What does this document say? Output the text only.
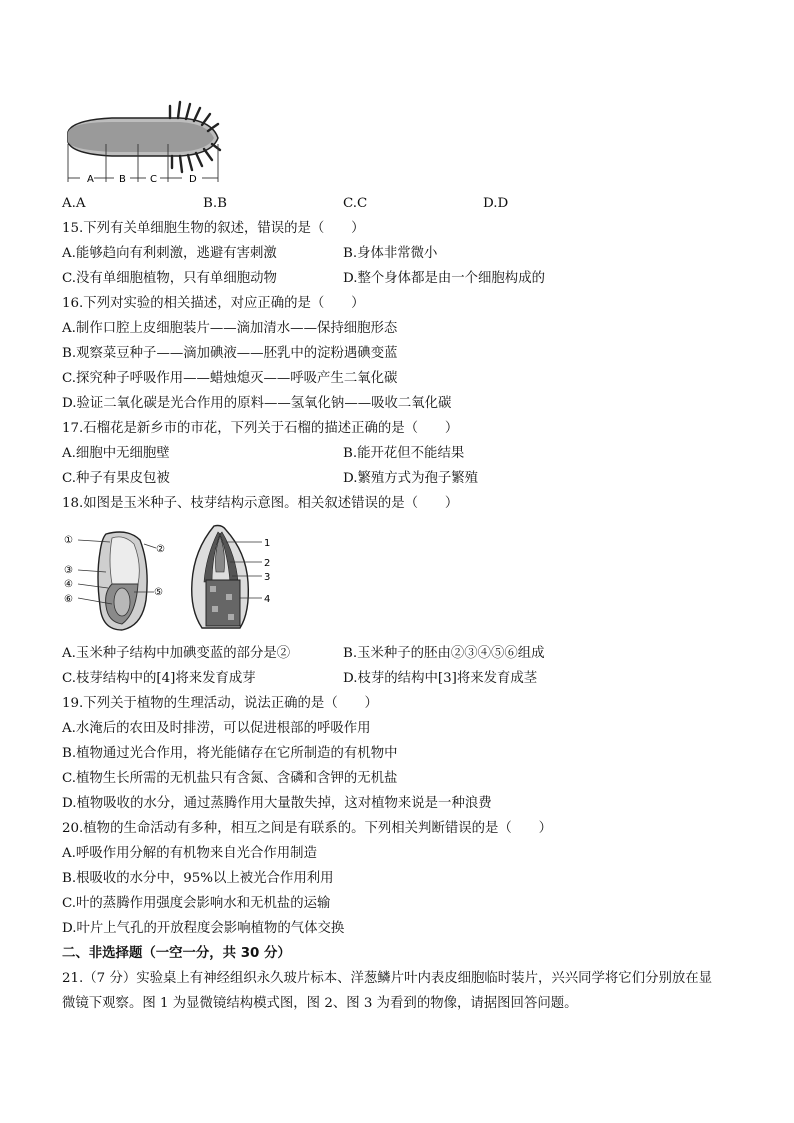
A	B C	D
A.A	B.B	C.C	D.D
15.下列有关单细胞生物的叙述，错误的是（　　）
A.能够趋向有利刺激，逃避有害刺激	B.身体非常微小
C.没有单细胞植物，只有单细胞动物	D.整个身体都是由一个细胞构成的
16.下列对实验的相关描述，对应正确的是（　　）
A.制作口腔上皮细胞装片——滴加清水——保持细胞形态
B.观察菜豆种子——滴加碘液——胚乳中的淀粉遇碘变蓝
C.探究种子呼吸作用——蜡烛熄灭——呼吸产生二氧化碳
D.验证二氧化碳是光合作用的原料——氢氧化钠——吸收二氧化碳
17.石榴花是新乡市的市花，下列关于石榴的描述正确的是（　　）
A.细胞中无细胞壁	B.能开花但不能结果
C.种子有果皮包被	D.繁殖方式为孢子繁殖
18.如图是玉米种子、枝芽结构示意图。相关叙述错误的是（　　）
①
②
③
④
⑤
⑥
1
2
3
4
A.玉米种子结构中加碘变蓝的部分是②	B.玉米种子的胚由②③④⑤⑥组成
C.枝芽结构中的[4]将来发育成芽	D.枝芽的结构中[3]将来发育成茎
19.下列关于植物的生理活动，说法正确的是（　　）
A.水淹后的农田及时排涝，可以促进根部的呼吸作用
B.植物通过光合作用，将光能储存在它所制造的有机物中
C.植物生长所需的无机盐只有含氮、含磷和含钾的无机盐
D.植物吸收的水分，通过蒸腾作用大量散失掉，这对植物来说是一种浪费
20.植物的生命活动有多种，相互之间是有联系的。下列相关判断错误的是（　　）
A.呼吸作用分解的有机物来自光合作用制造
B.根吸收的水分中，95%以上被光合作用利用
C.叶的蒸腾作用强度会影响水和无机盐的运输
D.叶片上气孔的开放程度会影响植物的气体交换
二、非选择题（一空一分，共 30 分）
21.（7 分）实验桌上有神经组织永久玻片标本、洋葱鳞片叶内表皮细胞临时装片，兴兴同学将它们分别放在显
微镜下观察。图 1 为显微镜结构模式图，图 2、图 3 为看到的物像，请据图回答问题。
